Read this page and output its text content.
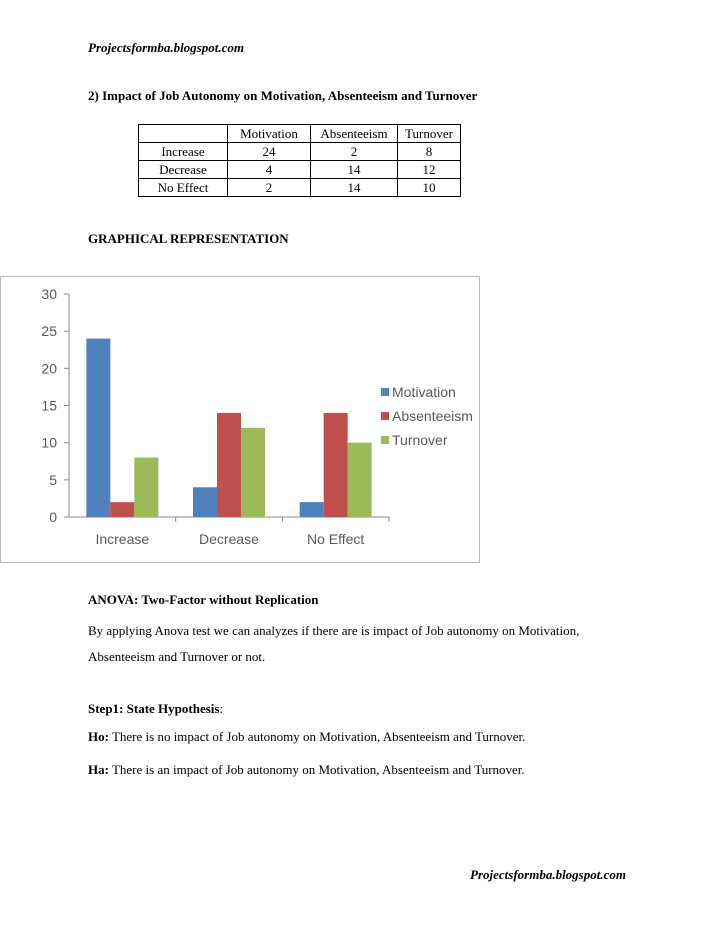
Projectsformba.blogspot.com
2) Impact of Job Autonomy on Motivation, Absenteeism and Turnover
	Motivation	Absenteeism	Turnover
Increase	24	2	8
Decrease	4	14	12
No Effect	2	14	10
GRAPHICAL REPRESENTATION
0
5
10
15
20
25
30
Increase	Decrease	No Effect
Motivation
Absenteeism
Turnover
ANOVA: Two-Factor without Replication
By applying Anova test we can analyzes if there are is impact of Job autonomy on Motivation,
Absenteeism and Turnover or not.
Step1: State Hypothesis:
Ho: There is no impact of Job autonomy on Motivation, Absenteeism and Turnover.
Ha: There is an impact of Job autonomy on Motivation, Absenteeism and Turnover.
Projectsformba.blogspot.com
